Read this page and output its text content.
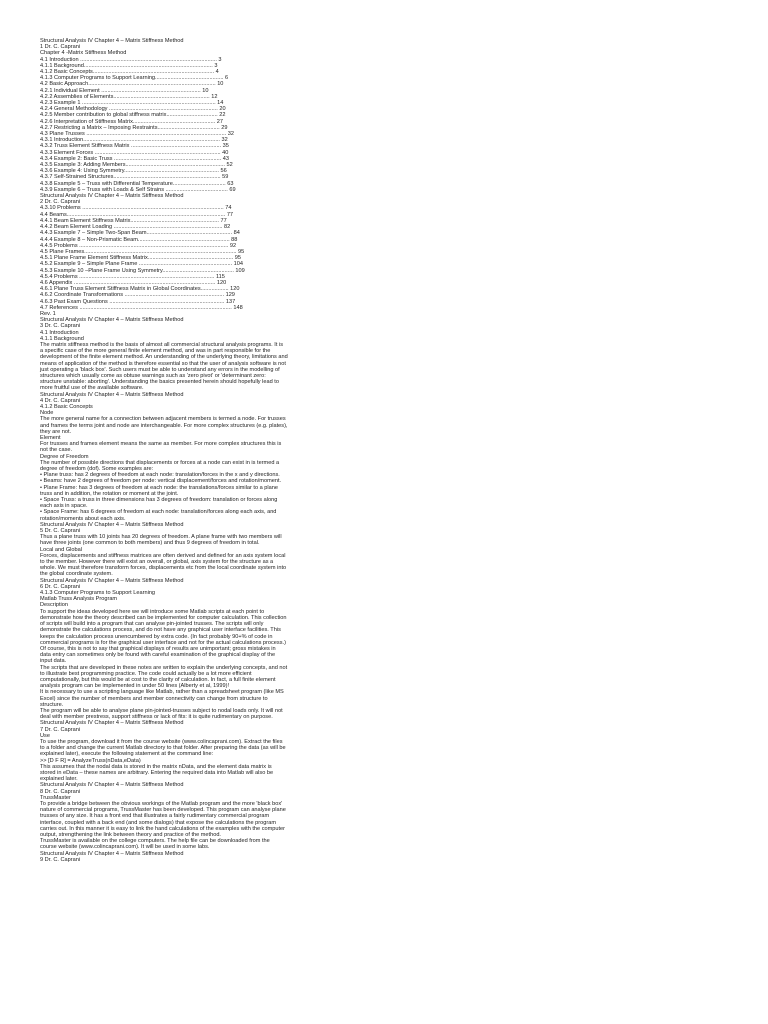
Structural Analysis IV Chapter 4 – Matrix Stiffness Method

1 Dr. C. Caprani

Chapter 4 -Matrix Stiffness Method

4.1 Introduction ........................................................................................ 3

4.1.1 Background................................................................................... 3

4.1.2 Basic Concepts.............................................................................. 4

4.1.3 Computer Programs to Support Learning............................................ 6

4.2 Basic Approach.................................................................................. 10

4.2.1 Individual Element ................................................................ 10

4.2.2 Assemblies of Elements.............................................................. 12

4.2.3 Example 1 ...................................................................................... 14

4.2.4 General Methodology ...................................................................... 20

4.2.5 Member contribution to global stiffness matrix................................. 22

4.2.6 Interpretation of Stiffness Matrix..................................................... 27

4.2.7 Restricting a Matrix – Imposing Restraints........................................ 29

4.3 Plane Trusses .......................................................................................... 32

4.3.1 Introduction........................................................................................ 32

4.3.2 Truss Element Stiffness Matrix .......................................................... 35

4.3.3 Element Forces ................................................................................. 40

4.3.4 Example 2: Basic Truss ..................................................................... 43

4.3.5 Example 3: Adding Members................................................................ 52

4.3.6 Example 4: Using Symmetry............................................................. 56

4.3.7 Self-Strained Structures..................................................................... 59

4.3.8 Example 5 – Truss with Differential Temperature.................................. 63

4.3.9 Example 6 – Truss with Loads & Self Strains ........................................ 69

Structural Analysis IV Chapter 4 – Matrix Stiffness Method

2 Dr. C. Caprani

4.3.10 Problems ........................................................................................... 74

4.4 Beams...................................................................................................... 77

4.4.1 Beam Element Stiffness Matrix......................................................... 77

4.4.2 Beam Element Loading ...................................................................... 82

4.4.3 Example 7 – Simple Two-Span Beam....................................................... 84

4.4.4 Example 8 – Non-Prismatic Beam........................................................... 88

4.4.5 Problems ................................................................................................ 92

4.5 Plane Frames.................................................................................................. 95

4.5.1 Plane Frame Element Stiffness Matrix....................................................... 95

4.5.2 Example 9 – Simple Plane Frame ............................................................ 104

4.5.3 Example 10 –Plane Frame Using Symmetry.............................................. 109

4.5.4 Problems ....................................................................................... 115

4.6 Appendix ........................................................................................... 120

4.6.1 Plane Truss Element Stiffness Matrix in Global Coordinates.................. 120

4.6.2 Coordinate Transformations ................................................................ 129

4.6.3 Past Exam Questions .......................................................................... 137

4.7 References .................................................................................................. 148

Rev. 1

Structural Analysis IV Chapter 4 – Matrix Stiffness Method

3 Dr. C. Caprani

4.1 Introduction

4.1.1 Background

The matrix stiffness method is the basis of almost all commercial structural analysis programs. It is

a specific case of the more general finite element method, and was in part responsible for the

development of the finite element method. An understanding of the underlying theory, limitations and

means of application of the method is therefore essential so that the user of analysis software is not

just operating a 'black box'. Such users must be able to understand any errors in the modelling of

structures which usually come as obtuse warnings such as 'zero pivot' or 'determinant zero:

structure unstable: aborting'. Understanding the basics presented herein should hopefully lead to

more fruitful use of the available software.

Structural Analysis IV Chapter 4 – Matrix Stiffness Method

4 Dr. C. Caprani

4.1.2 Basic Concepts

Node

The more general name for a connection between adjacent members is termed a node. For trusses

and frames the terms joint and node are interchangeable. For more complex structures (e.g. plates),

they are not.

Element

For trusses and frames element means the same as member. For more complex structures this is

not the case.

Degree of Freedom

The number of possible directions that displacements or forces at a node can exist in is termed a

degree of freedom (dof). Some examples are:

• Plane truss: has 2 degrees of freedom at each node: translation/forces in the x and y directions.

• Beams: have 2 degrees of freedom per node: vertical displacement/forces and rotation/moment.

• Plane Frame: has 3 degrees of freedom at each node: the translations/forces similar to a plane

truss and in addition, the rotation or moment at the joint.

• Space Truss: a truss in three dimensions has 3 degrees of freedom: translation or forces along

each axis in space.

• Space Frame: has 6 degrees of freedom at each node: translation/forces along each axis, and

rotation/moments about each axis.

Structural Analysis IV Chapter 4 – Matrix Stiffness Method

5 Dr. C. Caprani

Thus a plane truss with 10 joints has 20 degrees of freedom. A plane frame with two members will

have three joints (one common to both members) and thus 9 degrees of freedom in total.

Local and Global

Forces, displacements and stiffness matrices are often derived and defined for an axis system local

to the member. However there will exist an overall, or global, axis system for the structure as a

whole. We must therefore transform forces, displacements etc from the local coordinate system into

the global coordinate system.

Structural Analysis IV Chapter 4 – Matrix Stiffness Method

6 Dr. C. Caprani

4.1.3 Computer Programs to Support Learning

Matlab Truss Analysis Program

Description

To support the ideas developed here we will introduce some Matlab scripts at each point to

demonstrate how the theory described can be implemented for computer calculation. This collection

of scripts will build into a program that can analyse pin-jointed trusses. The scripts will only

demonstrate the calculations process, and do not have any graphical user interface facilities. This

keeps the calculation process unencumbered by extra code. (In fact probably 90+% of code in

commercial programs is for the graphical user interface and not for the actual calculations process.)

Of course, this is not to say that graphical displays of results are unimportant; gross mistakes in

data entry can sometimes only be found with careful examination of the graphical display of the

input data.

The scripts that are developed in these notes are written to explain the underlying concepts, and not

to illustrate best programming practice. The code could actually be a lot more efficient

computationally, but this would be at cost to the clarity of calculation. In fact, a full finite element

analysis program can be implemented in under 50 lines (Alberty et al, 1999)!

It is necessary to use a scripting language like Matlab, rather than a spreadsheet program (like MS

Excel) since the number of members and member connectivity can change from structure to

structure.

The program will be able to analyse plane pin-jointed-trusses subject to nodal loads only. It will not

deal with member prestress, support stiffness or lack of fits: it is quite rudimentary on purpose.

Structural Analysis IV Chapter 4 – Matrix Stiffness Method

7 Dr. C. Caprani

Use

To use the program, download it from the course website (www.colincaprani.com). Extract the files

to a folder and change the current Matlab directory to that folder. After preparing the data (as will be

explained later), execute the following statement at the command line:

>> [D F R] = AnalyzeTruss(nData,eData)

This assumes that the nodal data is stored in the matrix nData, and the element data matrix is

stored in eData – these names are arbitrary. Entering the required data into Matlab will also be

explained later.

Structural Analysis IV Chapter 4 – Matrix Stiffness Method

8 Dr. C. Caprani

TrussMaster

To provide a bridge between the obvious workings of the Matlab program and the more 'black box'

nature of commercial programs, TrussMaster has been developed. This program can analyse plane

trusses of any size. It has a front end that illustrates a fairly rudimentary commercial program

interface, coupled with a back end (and some dialogs) that expose the calculations the program

carries out. In this manner it is easy to link the hand calculations of the examples with the computer

output, strengthening the link between theory and practice of the method.

TrussMaster is available on the college computers. The help file can be downloaded from the

course website (www.colincaprani.com). It will be used in some labs.

Structural Analysis IV Chapter 4 – Matrix Stiffness Method

9 Dr. C. Caprani
